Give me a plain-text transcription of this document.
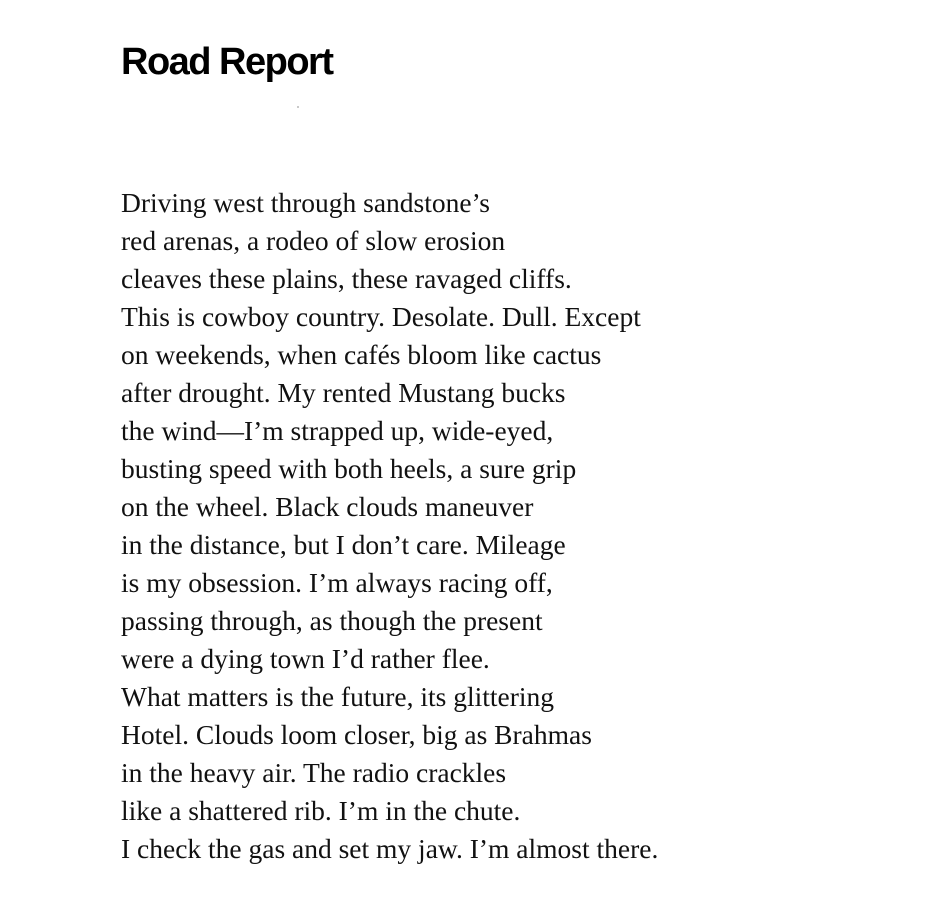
Road Report
Driving west through sandstone’s
red arenas, a rodeo of slow erosion
cleaves these plains, these ravaged cliffs.
This is cowboy country. Desolate. Dull. Except
on weekends, when cafés bloom like cactus
after drought. My rented Mustang bucks
the wind—I’m strapped up, wide-eyed,
busting speed with both heels, a sure grip
on the wheel. Black clouds maneuver
in the distance, but I don’t care. Mileage
is my obsession. I’m always racing off,
passing through, as though the present
were a dying town I’d rather flee.
What matters is the future, its glittering
Hotel. Clouds loom closer, big as Brahmas
in the heavy air. The radio crackles
like a shattered rib. I’m in the chute.
I check the gas and set my jaw. I’m almost there.
